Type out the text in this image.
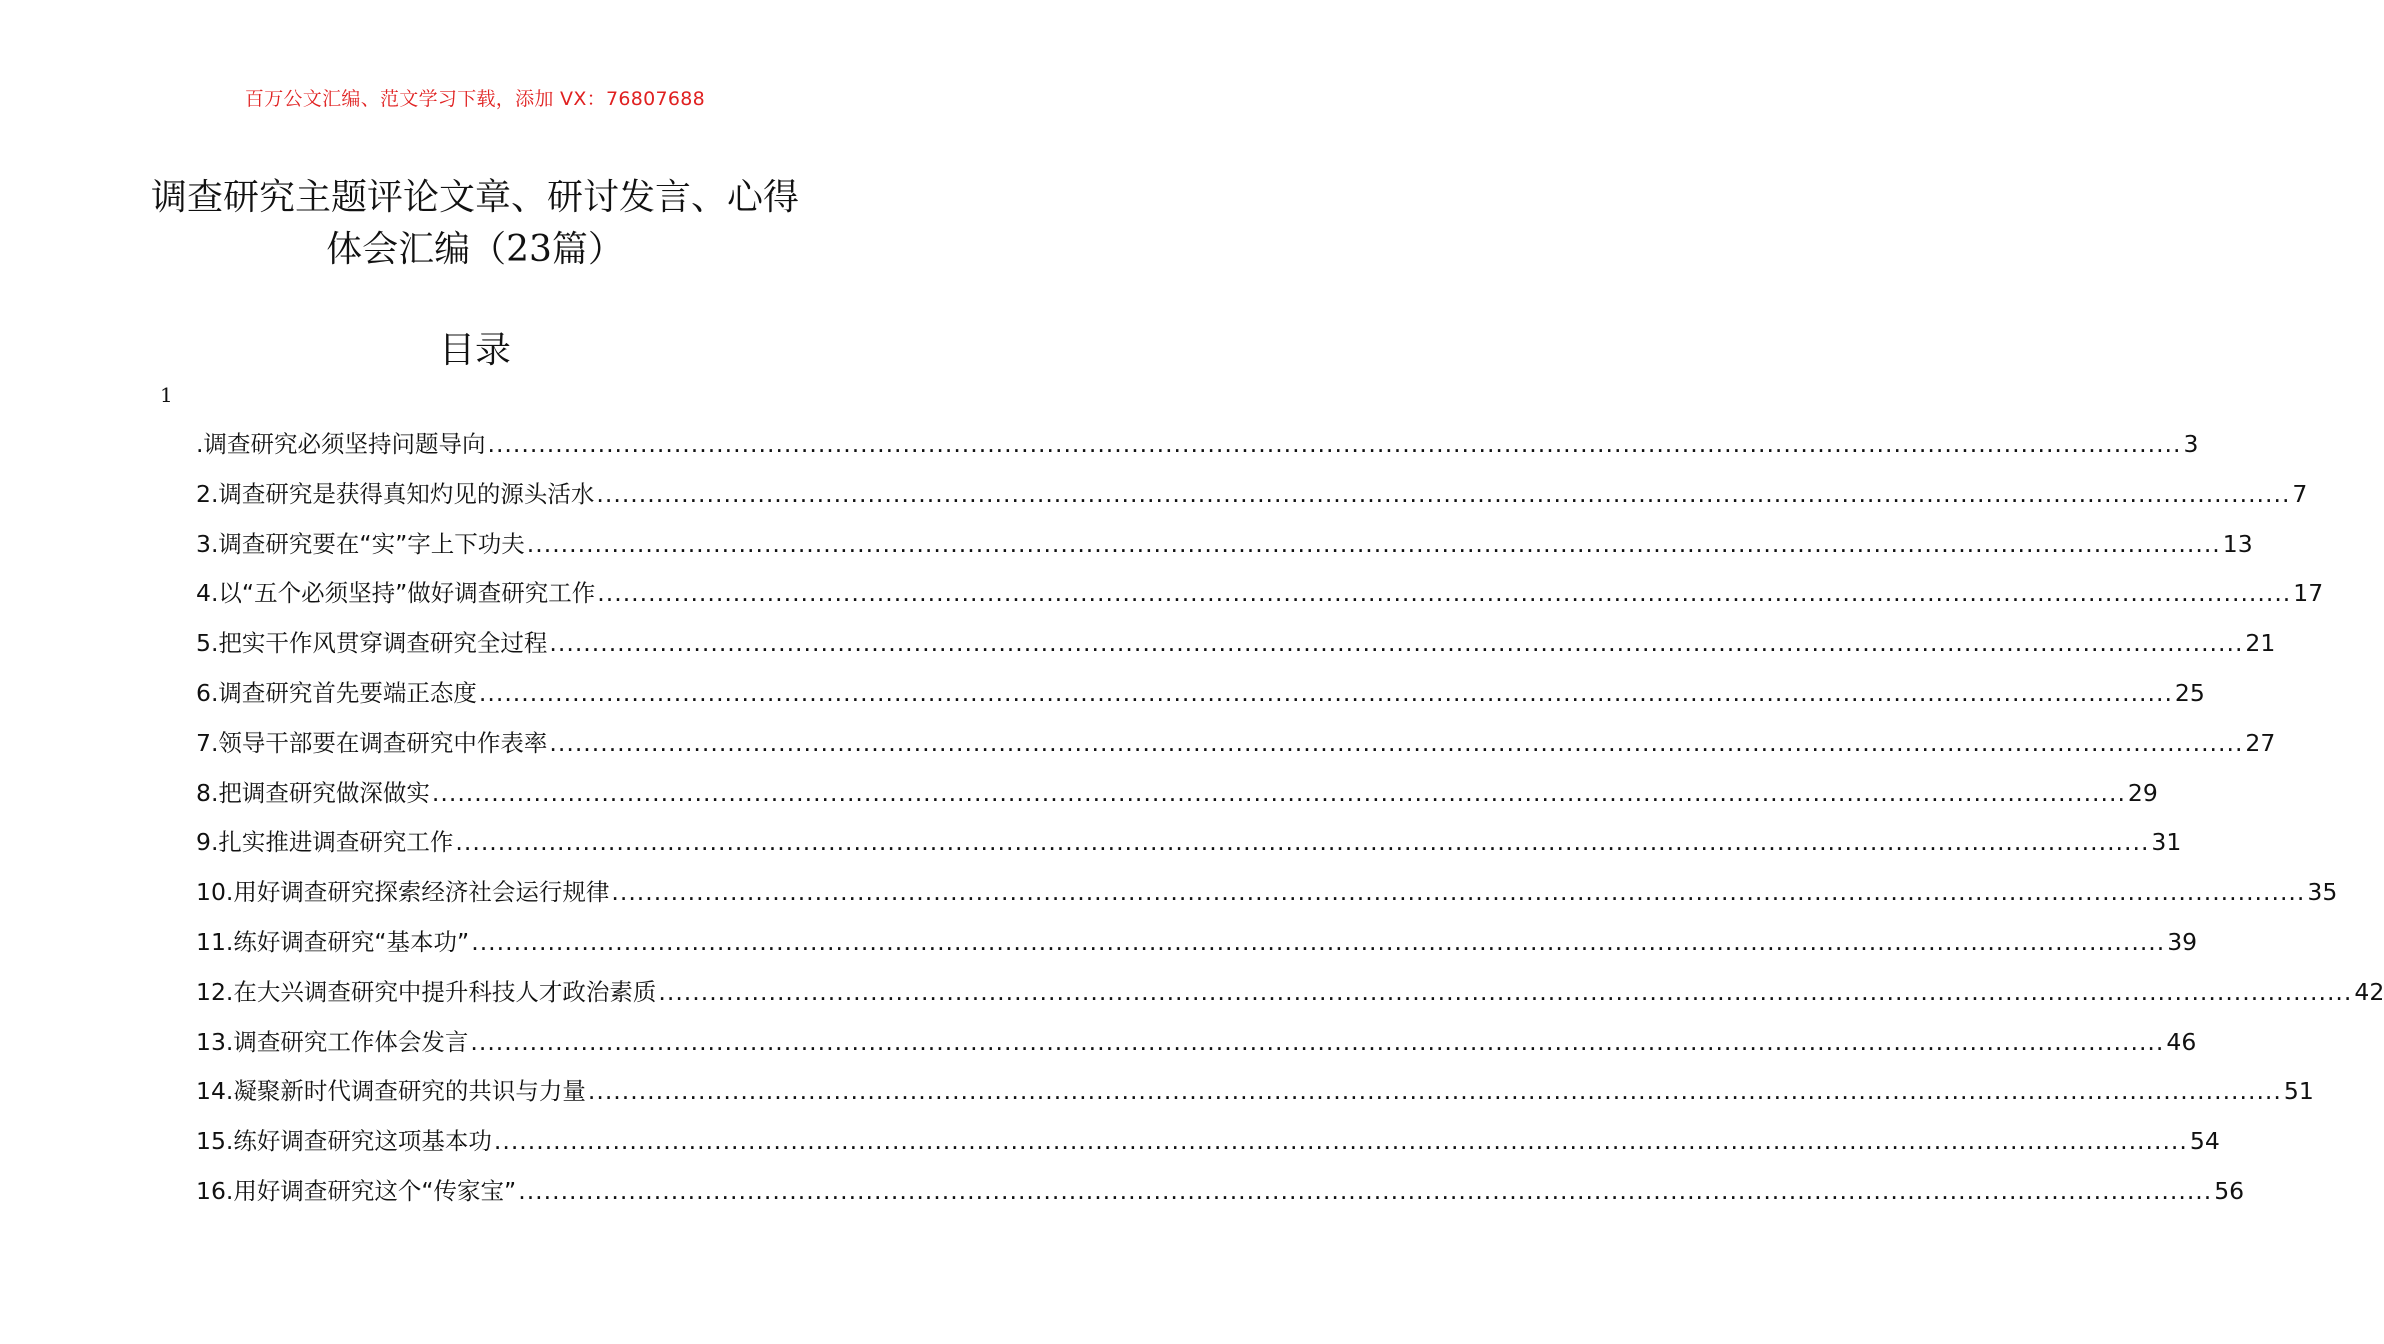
百万公文汇编、范文学习下载，添加 VX：76807688
调查研究主题评论文章、研讨发言、心得
体会汇编（23篇）
目录
1
.调查研究必须坚持问题导向 ........................................................................................................................................................................................................ 3
2.调查研究是获得真知灼见的源头活水 ........................................................................................................................................................................................................ 7
3.调查研究要在“实”字上下功夫 ........................................................................................................................................................................................................ 13
4.以“五个必须坚持”做好调查研究工作 ........................................................................................................................................................................................................ 17
5.把实干作风贯穿调查研究全过程 ........................................................................................................................................................................................................ 21
6.调查研究首先要端正态度 ........................................................................................................................................................................................................ 25
7.领导干部要在调查研究中作表率 ........................................................................................................................................................................................................ 27
8.把调查研究做深做实 ........................................................................................................................................................................................................ 29
9.扎实推进调查研究工作 ........................................................................................................................................................................................................ 31
10.用好调查研究探索经济社会运行规律 ........................................................................................................................................................................................................ 35
11.练好调查研究“基本功” ........................................................................................................................................................................................................ 39
12.在大兴调查研究中提升科技人才政治素质 ........................................................................................................................................................................................................ 42
13.调查研究工作体会发言 ........................................................................................................................................................................................................ 46
14.凝聚新时代调查研究的共识与力量 ........................................................................................................................................................................................................ 51
15.练好调查研究这项基本功 ........................................................................................................................................................................................................ 54
16.用好调查研究这个“传家宝” ........................................................................................................................................................................................................ 56
